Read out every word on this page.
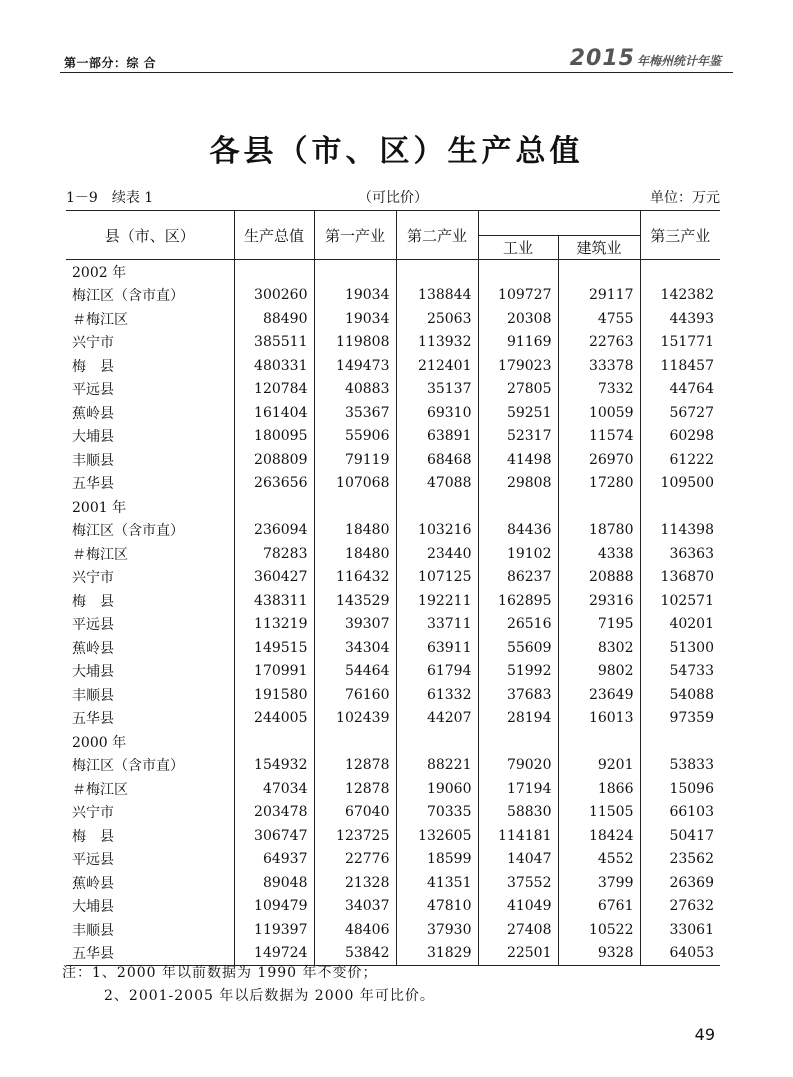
第一部分：综 合	2015 年梅州统计年鉴
各县（市、区）生产总值
（可比价）
1－9　续表 1	单位：万元
县（市、区）	生产总值	第一产业	第二产业			第三产业
				工业	建筑业	
2002 年						
梅江区（含市直）	300260	19034	138844	109727	29117	142382
＃梅江区	88490	19034	25063	20308	4755	44393
兴宁市	385511	119808	113932	91169	22763	151771
梅　县	480331	149473	212401	179023	33378	118457
平远县	120784	40883	35137	27805	7332	44764
蕉岭县	161404	35367	69310	59251	10059	56727
大埔县	180095	55906	63891	52317	11574	60298
丰顺县	208809	79119	68468	41498	26970	61222
五华县	263656	107068	47088	29808	17280	109500
2001 年						
梅江区（含市直）	236094	18480	103216	84436	18780	114398
＃梅江区	78283	18480	23440	19102	4338	36363
兴宁市	360427	116432	107125	86237	20888	136870
梅　县	438311	143529	192211	162895	29316	102571
平远县	113219	39307	33711	26516	7195	40201
蕉岭县	149515	34304	63911	55609	8302	51300
大埔县	170991	54464	61794	51992	9802	54733
丰顺县	191580	76160	61332	37683	23649	54088
五华县	244005	102439	44207	28194	16013	97359
2000 年						
梅江区（含市直）	154932	12878	88221	79020	9201	53833
＃梅江区	47034	12878	19060	17194	1866	15096
兴宁市	203478	67040	70335	58830	11505	66103
梅　县	306747	123725	132605	114181	18424	50417
平远县	64937	22776	18599	14047	4552	23562
蕉岭县	89048	21328	41351	37552	3799	26369
大埔县	109479	34037	47810	41049	6761	27632
丰顺县	119397	48406	37930	27408	10522	33061
五华县	149724	53842	31829	22501	9328	64053
注：1、2000 年以前数据为 1990 年不变价；
2、2001-2005 年以后数据为 2000 年可比价。
49
